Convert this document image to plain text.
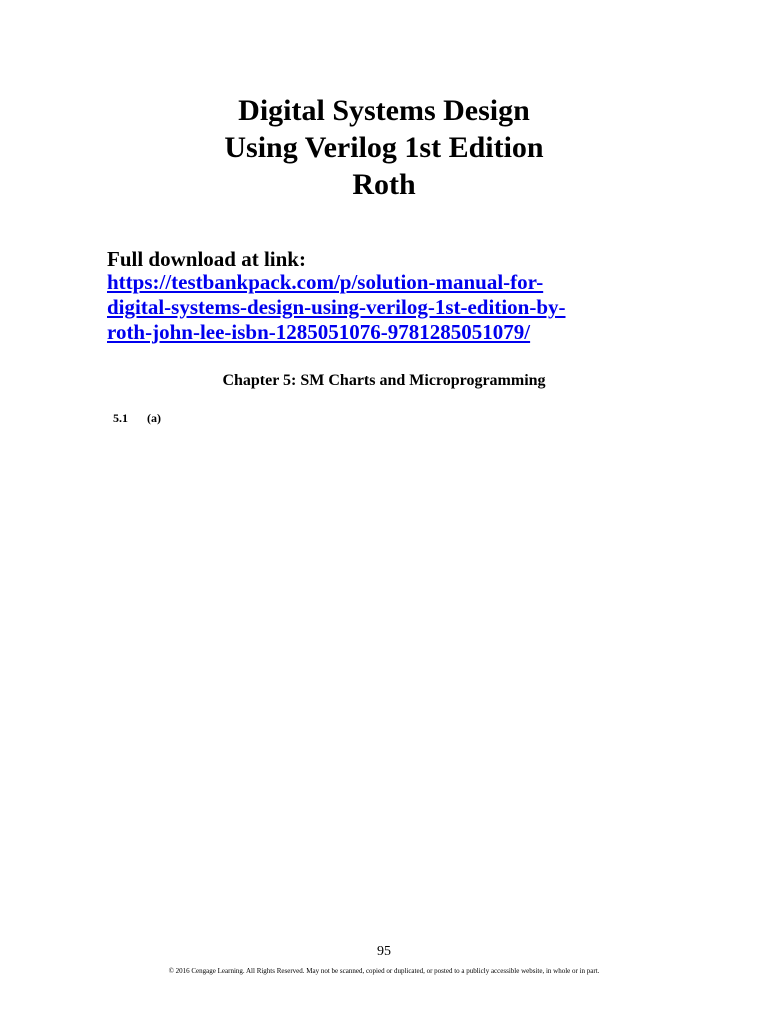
Digital Systems Design
Using Verilog 1st Edition
Roth
Full download at link:
https://testbankpack.com/p/solution-manual-for-
digital-systems-design-using-verilog-1st-edition-by-
roth-john-lee-isbn-1285051076-9781285051079/
Chapter 5: SM Charts and Microprogramming
5.1 (a)
95
© 2016 Cengage Learning. All Rights Reserved. May not be scanned, copied or duplicated, or posted to a publicly accessible website, in whole or in part.
